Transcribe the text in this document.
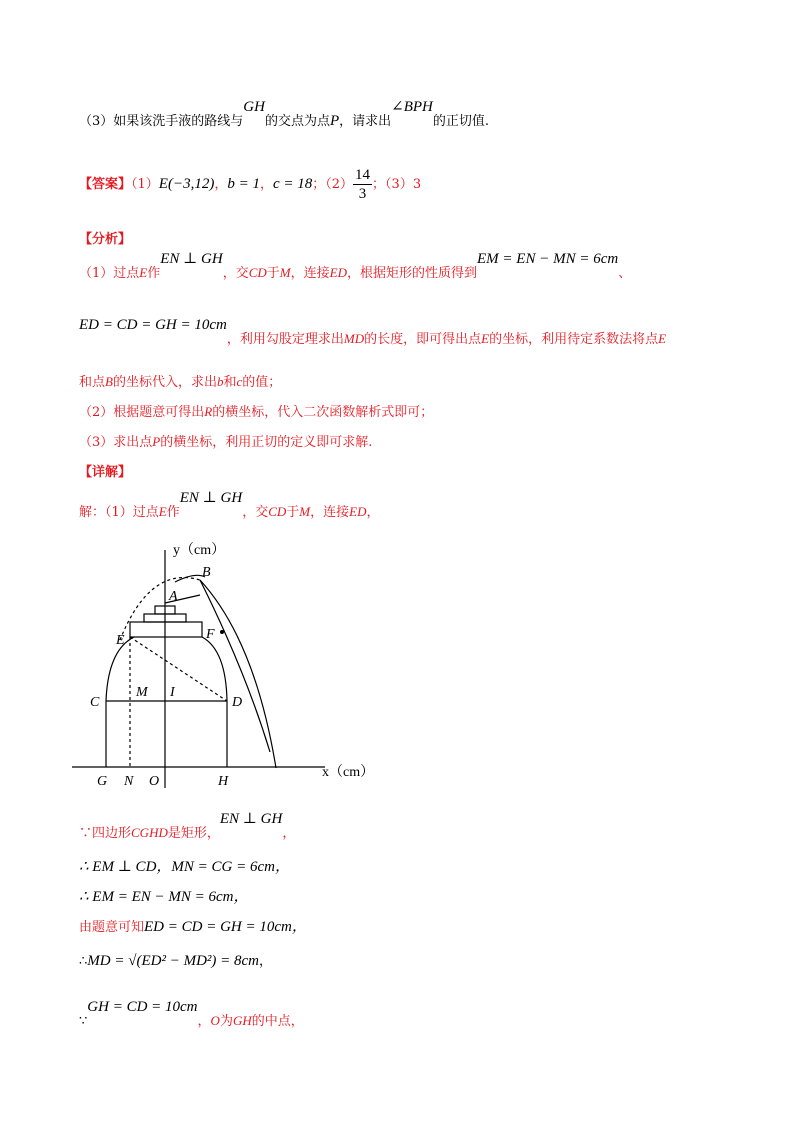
（3）如果该洗手液的路线与GH的交点为点P，请求出∠BPH的正切值.
【答案】（1）E(−3,12)，b = 1，c = 18；$(2) \frac{14}{3}$ ；（3）3
【分析】
（1）过点E作EN ⊥ GH，交CD于M，连接ED，根据矩形的性质得到EM = EN − MN = 6cm、
ED = CD = GH = 10cm，利用勾股定理求出MD的长度，即可得出点E的坐标，利用待定系数法将点E
和点B的坐标代入，求出b和c的值；
（2）根据题意可得出R的横坐标，代入二次函数解析式即可；
（3）求出点P的横坐标，利用正切的定义即可求解.
【详解】
解：（1）过点E作EN ⊥ GH，交CD于M，连接ED，
y（cm）
x（cm）
B
A
E	F
C
M I
D
G N O	H
∵四边形CGHD是矩形，EN ⊥ GH，
∴ EM ⊥ CD，MN = CG = 6cm，
∴ EM = EN − MN = 6cm，
由题意可知ED = CD = GH = 10cm，
∴MD = √(ED² − MD²) = 8cm，
∵GH = CD = 10cm，O为GH的中点，
